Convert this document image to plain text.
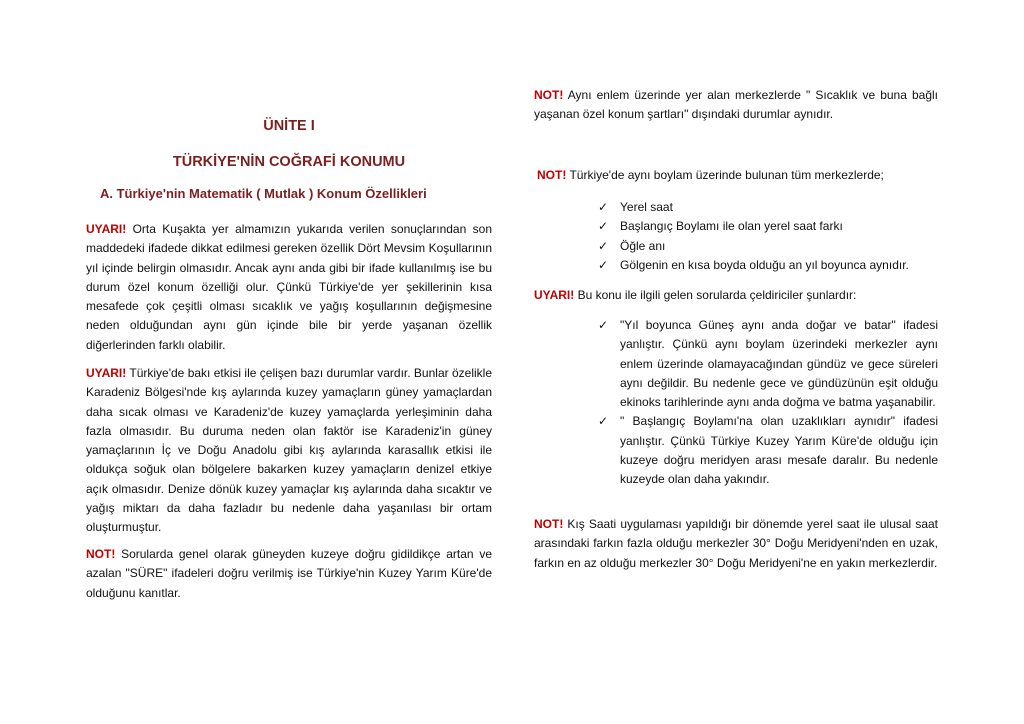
ÜNİTE I
TÜRKİYE'NİN COĞRAFİ KONUMU
A. Türkiye'nin Matematik ( Mutlak ) Konum Özellikleri

UYARI! Orta Kuşakta yer almamızın yukarıda verilen sonuçlarından son maddedeki ifadede dikkat edilmesi gereken özellik Dört Mevsim Koşullarının yıl içinde belirgin olmasıdır. Ancak aynı anda gibi bir ifade kullanılmış ise bu durum özel konum özelliği olur. Çünkü Türkiye'de yer şekillerinin kısa mesafede çok çeşitli olması sıcaklık ve yağış koşullarının değişmesine neden olduğundan aynı gün içinde bile bir yerde yaşanan özellik diğerlerinden farklı olabilir.

UYARI! Türkiye'de bakı etkisi ile çelişen bazı durumlar vardır. Bunlar özelikle Karadeniz Bölgesi'nde kış aylarında kuzey yamaçların güney yamaçlardan daha sıcak olması ve Karadeniz'de kuzey yamaçlarda yerleşiminin daha fazla olmasıdır. Bu duruma neden olan faktör ise Karadeniz'in güney yamaçlarının İç ve Doğu Anadolu gibi kış aylarında karasallık etkisi ile oldukça soğuk olan bölgelere bakarken kuzey yamaçların denizel etkiye açık olmasıdır. Denize dönük kuzey yamaçlar kış aylarında daha sıcaktır ve yağış miktarı da daha fazladır bu nedenle daha yaşanılası bir ortam oluşturmuştur.

NOT! Sorularda genel olarak güneyden kuzeye doğru gidildikçe artan ve azalan "SÜRE" ifadeleri doğru verilmiş ise Türkiye'nin Kuzey Yarım Küre'de olduğunu kanıtlar.

NOT! Aynı enlem üzerinde yer alan merkezlerde " Sıcaklık ve buna bağlı yaşanan özel konum şartları" dışındaki durumlar aynıdır.

NOT! Türkiye'de aynı boylam üzerinde bulunan tüm merkezlerde;

✓ Yerel saat
✓ Başlangıç Boylamı ile olan yerel saat farkı
✓ Öğle anı
✓ Gölgenin en kısa boyda olduğu an yıl boyunca aynıdır.

UYARI! Bu konu ile ilgili gelen sorularda çeldiriciler şunlardır:

✓ "Yıl boyunca Güneş aynı anda doğar ve batar" ifadesi yanlıştır. Çünkü aynı boylam üzerindeki merkezler aynı enlem üzerinde olamayacağından gündüz ve gece süreleri aynı değildir. Bu nedenle gece ve gündüzünün eşit olduğu ekinoks tarihlerinde aynı anda doğma ve batma yaşanabilir.
✓ " Başlangıç Boylamı'na olan uzaklıkları aynıdır" ifadesi yanlıştır. Çünkü Türkiye Kuzey Yarım Küre'de olduğu için kuzeye doğru meridyen arası mesafe daralır. Bu nedenle kuzeyde olan daha yakındır.

NOT! Kış Saati uygulaması yapıldığı bir dönemde yerel saat ile ulusal saat arasındaki farkın fazla olduğu merkezler 30° Doğu Meridyeni'nden en uzak, farkın en az olduğu merkezler 30° Doğu Meridyeni'ne en yakın merkezlerdir.
